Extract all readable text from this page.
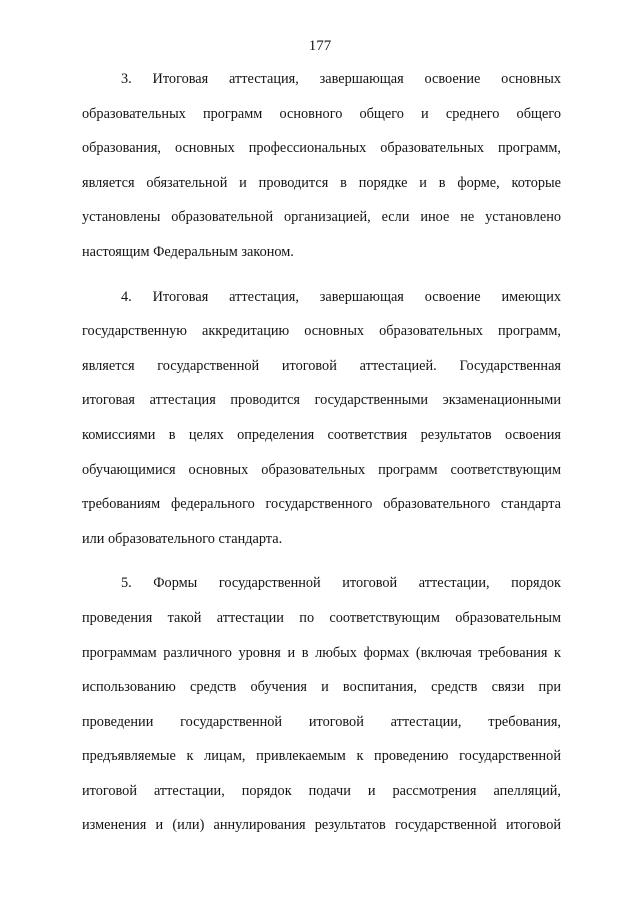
177
3. Итоговая аттестация, завершающая освоение основных
образовательных программ основного общего и среднего общего
образования, основных профессиональных образовательных программ,
является обязательной и проводится в порядке и в форме, которые
установлены образовательной организацией, если иное не установлено
настоящим Федеральным законом.
4. Итоговая аттестация, завершающая освоение имеющих
государственную аккредитацию основных образовательных программ,
является государственной итоговой аттестацией. Государственная
итоговая аттестация проводится государственными экзаменационными
комиссиями в целях определения соответствия результатов освоения
обучающимися основных образовательных программ соответствующим
требованиям федерального государственного образовательного стандарта
или образовательного стандарта.
5. Формы государственной итоговой аттестации, порядок
проведения такой аттестации по соответствующим образовательным
программам различного уровня и в любых формах (включая требования к
использованию средств обучения и воспитания, средств связи при
проведении государственной итоговой аттестации, требования,
предъявляемые к лицам, привлекаемым к проведению государственной
итоговой аттестации, порядок подачи и рассмотрения апелляций,
изменения и (или) аннулирования результатов государственной итоговой
